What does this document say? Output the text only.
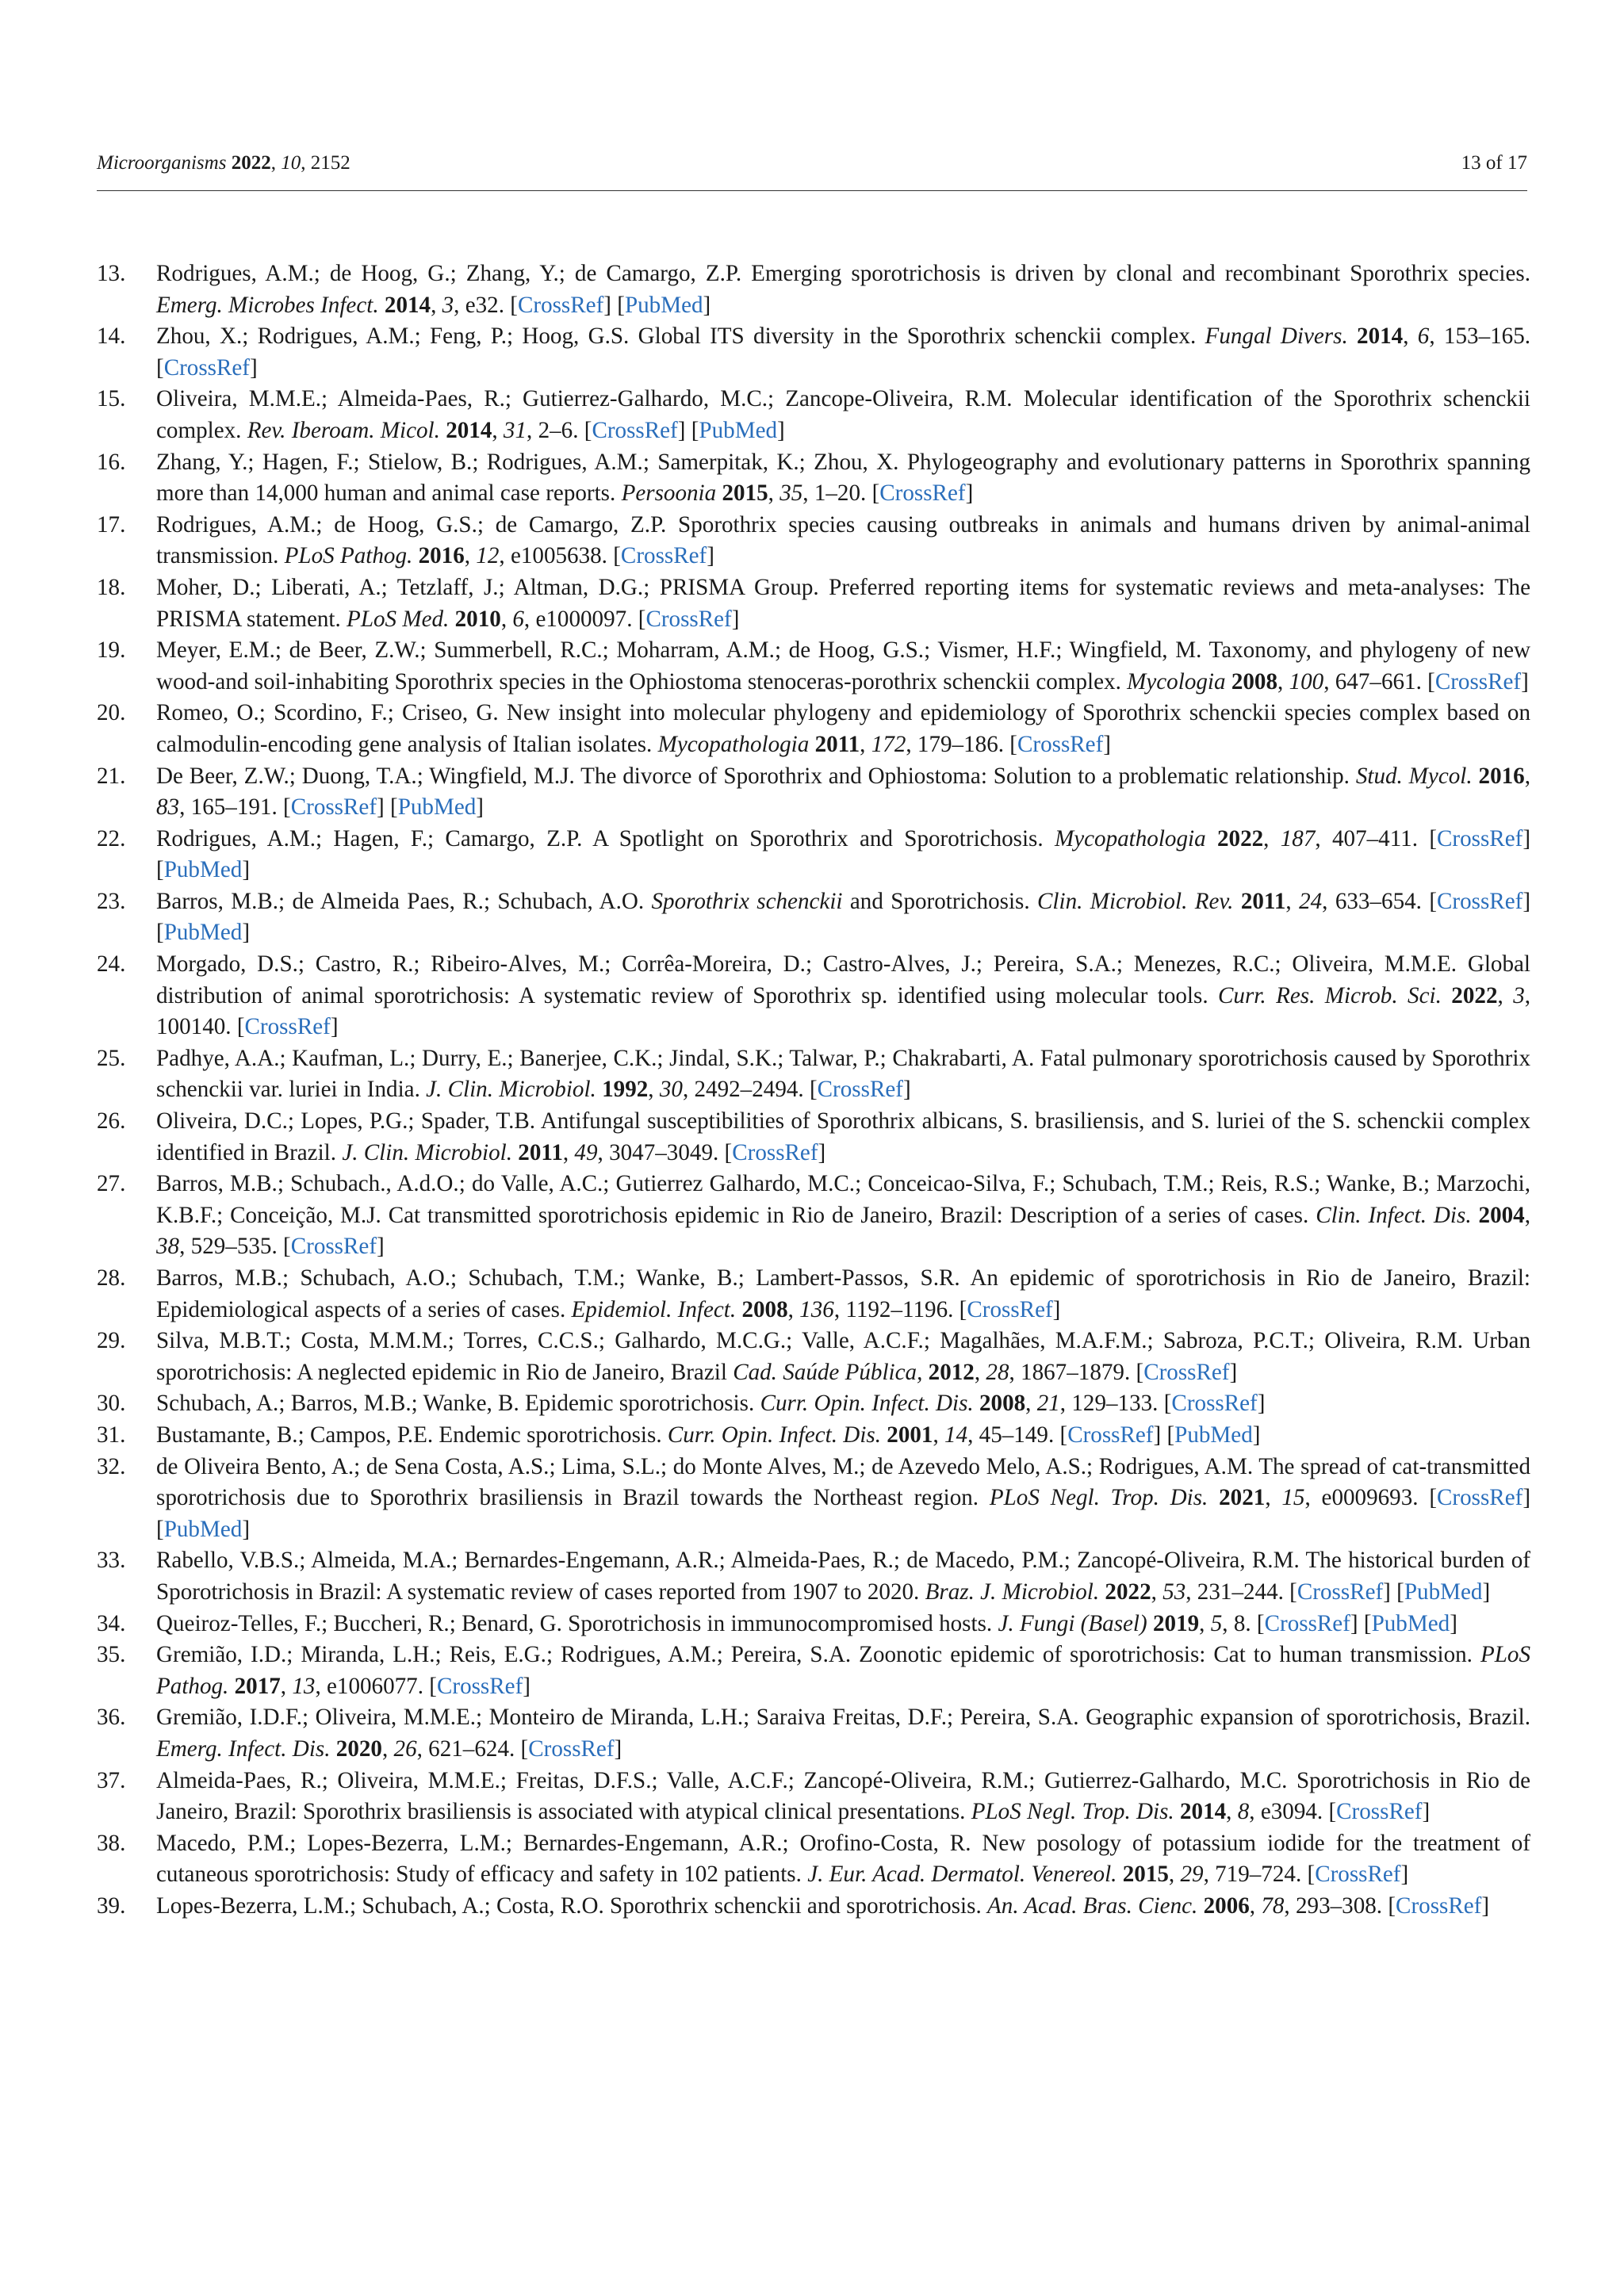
Microorganisms 2022, 10, 2152	13 of 17
13.	Rodrigues, A.M.; de Hoog, G.; Zhang, Y.; de Camargo, Z.P. Emerging sporotrichosis is driven by clonal and recombinant Sporothrix species. Emerg. Microbes Infect. 2014, 3, e32. [CrossRef] [PubMed]
14.	Zhou, X.; Rodrigues, A.M.; Feng, P.; Hoog, G.S. Global ITS diversity in the Sporothrix schenckii complex. Fungal Divers. 2014, 6, 153–165. [CrossRef]
15.	Oliveira, M.M.E.; Almeida-Paes, R.; Gutierrez-Galhardo, M.C.; Zancope-Oliveira, R.M. Molecular identification of the Sporothrix schenckii complex. Rev. Iberoam. Micol. 2014, 31, 2–6. [CrossRef] [PubMed]
16.	Zhang, Y.; Hagen, F.; Stielow, B.; Rodrigues, A.M.; Samerpitak, K.; Zhou, X. Phylogeography and evolutionary patterns in Sporothrix spanning more than 14,000 human and animal case reports. Persoonia 2015, 35, 1–20. [CrossRef]
17.	Rodrigues, A.M.; de Hoog, G.S.; de Camargo, Z.P. Sporothrix species causing outbreaks in animals and humans driven by animal-animal transmission. PLoS Pathog. 2016, 12, e1005638. [CrossRef]
18.	Moher, D.; Liberati, A.; Tetzlaff, J.; Altman, D.G.; PRISMA Group. Preferred reporting items for systematic reviews and meta-analyses: The PRISMA statement. PLoS Med. 2010, 6, e1000097. [CrossRef]
19.	Meyer, E.M.; de Beer, Z.W.; Summerbell, R.C.; Moharram, A.M.; de Hoog, G.S.; Vismer, H.F.; Wingfield, M. Taxonomy, and phylogeny of new wood-and soil-inhabiting Sporothrix species in the Ophiostoma stenoceras-porothrix schenckii complex. Mycologia 2008, 100, 647–661. [CrossRef]
20.	Romeo, O.; Scordino, F.; Criseo, G. New insight into molecular phylogeny and epidemiology of Sporothrix schenckii species complex based on calmodulin-encoding gene analysis of Italian isolates. Mycopathologia 2011, 172, 179–186. [CrossRef]
21.	De Beer, Z.W.; Duong, T.A.; Wingfield, M.J. The divorce of Sporothrix and Ophiostoma: Solution to a problematic relationship. Stud. Mycol. 2016, 83, 165–191. [CrossRef] [PubMed]
22.	Rodrigues, A.M.; Hagen, F.; Camargo, Z.P. A Spotlight on Sporothrix and Sporotrichosis. Mycopathologia 2022, 187, 407–411. [CrossRef] [PubMed]
23.	Barros, M.B.; de Almeida Paes, R.; Schubach, A.O. Sporothrix schenckii and Sporotrichosis. Clin. Microbiol. Rev. 2011, 24, 633–654. [CrossRef] [PubMed]
24.	Morgado, D.S.; Castro, R.; Ribeiro-Alves, M.; Corrêa-Moreira, D.; Castro-Alves, J.; Pereira, S.A.; Menezes, R.C.; Oliveira, M.M.E. Global distribution of animal sporotrichosis: A systematic review of Sporothrix sp. identified using molecular tools. Curr. Res. Microb. Sci. 2022, 3, 100140. [CrossRef]
25.	Padhye, A.A.; Kaufman, L.; Durry, E.; Banerjee, C.K.; Jindal, S.K.; Talwar, P.; Chakrabarti, A. Fatal pulmonary sporotrichosis caused by Sporothrix schenckii var. luriei in India. J. Clin. Microbiol. 1992, 30, 2492–2494. [CrossRef]
26.	Oliveira, D.C.; Lopes, P.G.; Spader, T.B. Antifungal susceptibilities of Sporothrix albicans, S. brasiliensis, and S. luriei of the S. schenckii complex identified in Brazil. J. Clin. Microbiol. 2011, 49, 3047–3049. [CrossRef]
27.	Barros, M.B.; Schubach., A.d.O.; do Valle, A.C.; Gutierrez Galhardo, M.C.; Conceicao-Silva, F.; Schubach, T.M.; Reis, R.S.; Wanke, B.; Marzochi, K.B.F.; Conceição, M.J. Cat transmitted sporotrichosis epidemic in Rio de Janeiro, Brazil: Description of a series of cases. Clin. Infect. Dis. 2004, 38, 529–535. [CrossRef]
28.	Barros, M.B.; Schubach, A.O.; Schubach, T.M.; Wanke, B.; Lambert-Passos, S.R. An epidemic of sporotrichosis in Rio de Janeiro, Brazil: Epidemiological aspects of a series of cases. Epidemiol. Infect. 2008, 136, 1192–1196. [CrossRef]
29.	Silva, M.B.T.; Costa, M.M.M.; Torres, C.C.S.; Galhardo, M.C.G.; Valle, A.C.F.; Magalhães, M.A.F.M.; Sabroza, P.C.T.; Oliveira, R.M. Urban sporotrichosis: A neglected epidemic in Rio de Janeiro, Brazil Cad. Saúde Pública, 2012, 28, 1867–1879. [CrossRef]
30.	Schubach, A.; Barros, M.B.; Wanke, B. Epidemic sporotrichosis. Curr. Opin. Infect. Dis. 2008, 21, 129–133. [CrossRef]
31.	Bustamante, B.; Campos, P.E. Endemic sporotrichosis. Curr. Opin. Infect. Dis. 2001, 14, 45–149. [CrossRef] [PubMed]
32.	de Oliveira Bento, A.; de Sena Costa, A.S.; Lima, S.L.; do Monte Alves, M.; de Azevedo Melo, A.S.; Rodrigues, A.M. The spread of cat-transmitted sporotrichosis due to Sporothrix brasiliensis in Brazil towards the Northeast region. PLoS Negl. Trop. Dis. 2021, 15, e0009693. [CrossRef] [PubMed]
33.	Rabello, V.B.S.; Almeida, M.A.; Bernardes-Engemann, A.R.; Almeida-Paes, R.; de Macedo, P.M.; Zancopé-Oliveira, R.M. The historical burden of Sporotrichosis in Brazil: A systematic review of cases reported from 1907 to 2020. Braz. J. Microbiol. 2022, 53, 231–244. [CrossRef] [PubMed]
34.	Queiroz-Telles, F.; Buccheri, R.; Benard, G. Sporotrichosis in immunocompromised hosts. J. Fungi (Basel) 2019, 5, 8. [CrossRef] [PubMed]
35.	Gremião, I.D.; Miranda, L.H.; Reis, E.G.; Rodrigues, A.M.; Pereira, S.A. Zoonotic epidemic of sporotrichosis: Cat to human transmission. PLoS Pathog. 2017, 13, e1006077. [CrossRef]
36.	Gremião, I.D.F.; Oliveira, M.M.E.; Monteiro de Miranda, L.H.; Saraiva Freitas, D.F.; Pereira, S.A. Geographic expansion of sporotrichosis, Brazil. Emerg. Infect. Dis. 2020, 26, 621–624. [CrossRef]
37.	Almeida-Paes, R.; Oliveira, M.M.E.; Freitas, D.F.S.; Valle, A.C.F.; Zancopé-Oliveira, R.M.; Gutierrez-Galhardo, M.C. Sporotrichosis in Rio de Janeiro, Brazil: Sporothrix brasiliensis is associated with atypical clinical presentations. PLoS Negl. Trop. Dis. 2014, 8, e3094. [CrossRef]
38.	Macedo, P.M.; Lopes-Bezerra, L.M.; Bernardes-Engemann, A.R.; Orofino-Costa, R. New posology of potassium iodide for the treatment of cutaneous sporotrichosis: Study of efficacy and safety in 102 patients. J. Eur. Acad. Dermatol. Venereol. 2015, 29, 719–724. [CrossRef]
39.	Lopes-Bezerra, L.M.; Schubach, A.; Costa, R.O. Sporothrix schenckii and sporotrichosis. An. Acad. Bras. Cienc. 2006, 78, 293–308. [CrossRef]
